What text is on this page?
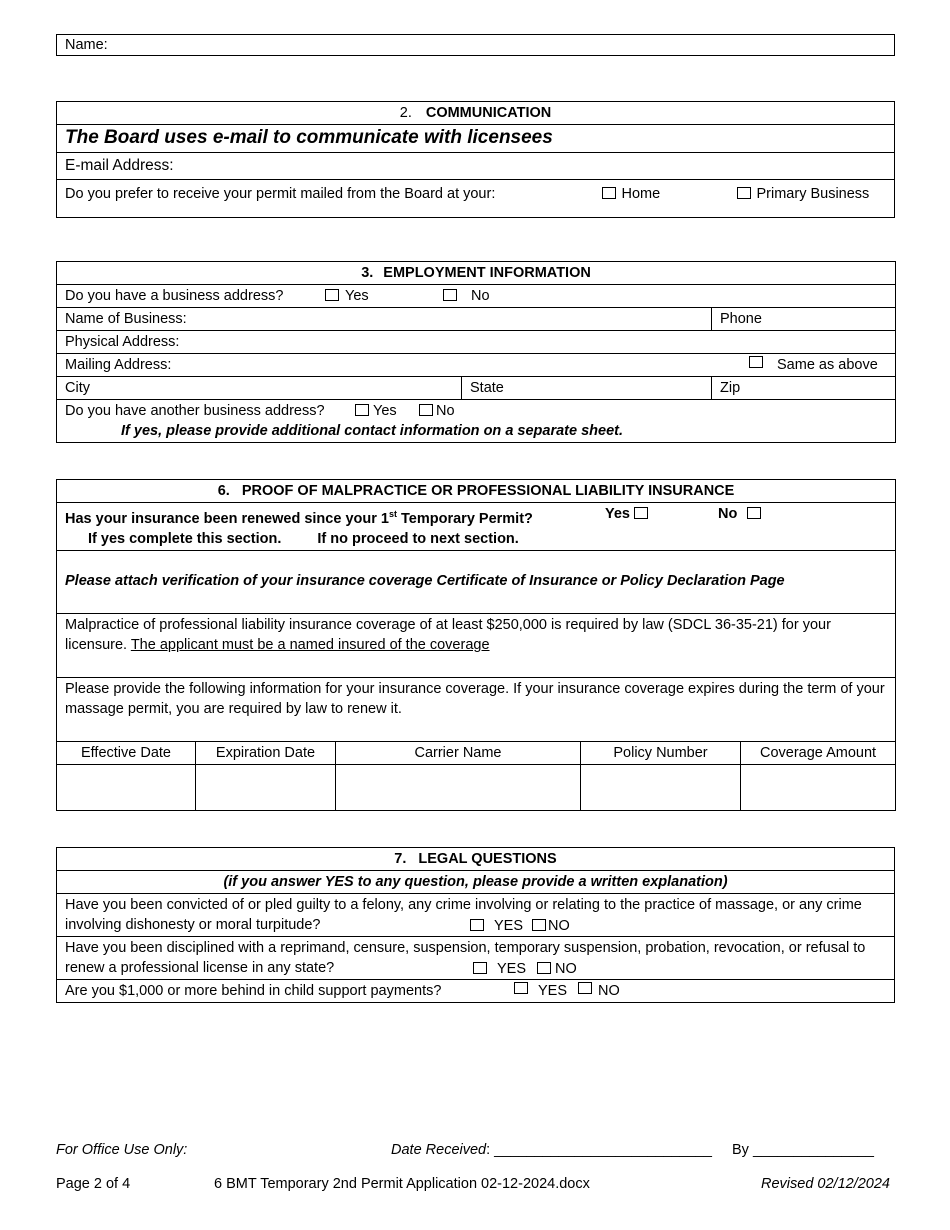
Name:
2. COMMUNICATION
The Board uses e-mail to communicate with licensees
E-mail Address:
Do you prefer to receive your permit mailed from the Board at your:	Home	Primary Business
3. EMPLOYMENT INFORMATION		
Do you have a business address? Yes No		

Name of Business:		Phone
Physical Address:		
Mailing Address: Same as above		

City	State	Zip
Do you have another business address? Yes No

If yes, please provide additional contact information on a separate sheet.		
6. PROOF OF MALPRACTICE OR PROFESSIONAL LIABILITY INSURANCE				
Has your insurance been renewed since your 1st Temporary Permit? Yes No

If yes complete this section. If no proceed to next section.				
Please attach verification of your insurance coverage Certificate of Insurance or Policy Declaration Page				
Malpractice of professional liability insurance coverage of at least $250,000 is required by law (SDCL 36-35-21) for your licensure. The applicant must be a named insured of the coverage				
Please provide the following information for your insurance coverage. If your insurance coverage expires during the term of your massage permit, you are required by law to renew it.				
Effective Date	Expiration Date	Carrier Name	Policy Number	Coverage Amount

7. LEGAL QUESTIONS
(if you answer YES to any question, please provide a written explanation)
Have you been convicted of or pled guilty to a felony, any crime involving or relating to the practice of massage, or any crime involving dishonesty or moral turpitude?	YES	NO

Have you been disciplined with a reprimand, censure, suspension, temporary suspension, probation, revocation, or refusal to renew a professional license in any state?	YES	NO

Are you $1,000 or more behind in child support payments?	YES	NO
For Office Use Only:	Date Received: ___________________________ By _______________
Page 2 of 4	6 BMT Temporary 2nd Permit Application 02-12-2024.docx	Revised 02/12/2024
